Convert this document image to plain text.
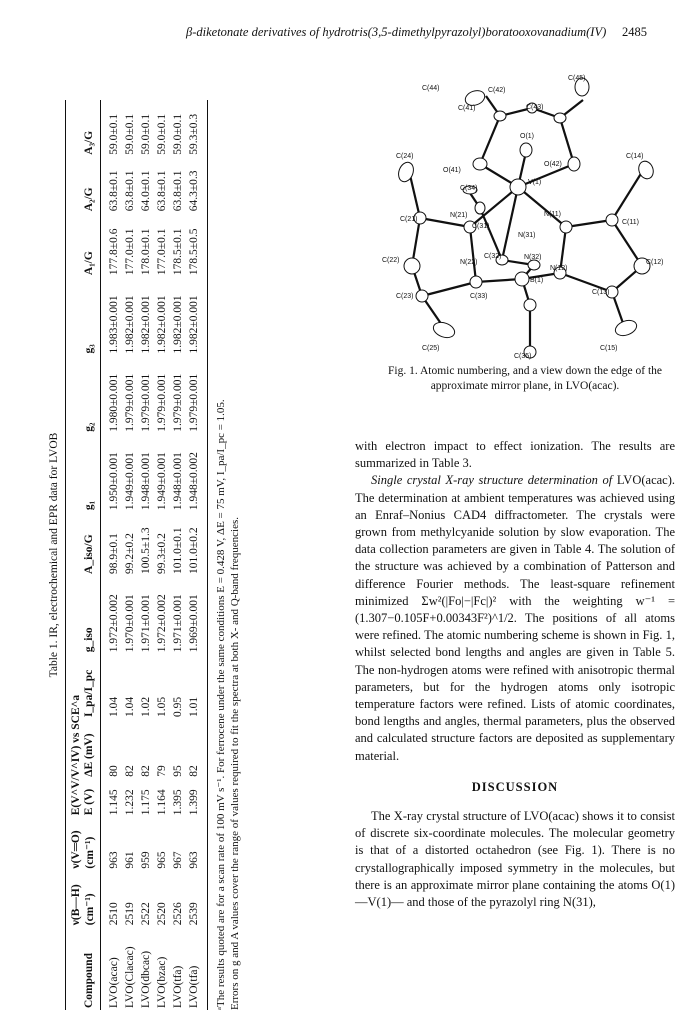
β-diketonate derivatives of hydrotris(3,5-dimethylpyrazolyl)boratooxovanadium(IV) 2485
Table 1. IR, electrochemical and EPR data for LVOB
	ν(B—H)	ν(V═O)	E(V^V/V^IV) vs SCE^a										
Compound	(cm⁻¹)	(cm⁻¹)	E (V)	ΔE (mV)	I_pa/I_pc	g_iso	A_iso/G	g₁	g₂	g₃	A₁/G	A₂/G	A₃/G
LVO(acac)	2510	963	1.145	80	1.04	1.972±0.002	98.9±0.1	1.950±0.001	1.980±0.001	1.983±0.001	177.8±0.6	63.8±0.1	59.0±0.1
LVO(Clacac)	2519	961	1.232	82	1.04	1.970±0.001	99.2±0.2	1.949±0.001	1.979±0.001	1.982±0.001	177.0±0.1	63.8±0.1	59.0±0.1
LVO(dbcac)	2522	959	1.175	82	1.02	1.971±0.001	100.5±1.3	1.948±0.001	1.979±0.001	1.982±0.001	178.0±0.1	64.0±0.1	59.0±0.1
LVO(bzac)	2520	965	1.164	79	1.05	1.972±0.002	99.3±0.2	1.949±0.001	1.979±0.001	1.982±0.001	177.0±0.1	63.8±0.1	59.0±0.1
LVO(tfa)	2526	967	1.395	95	0.95	1.971±0.001	101.0±0.1	1.948±0.001	1.979±0.001	1.982±0.001	178.5±0.1	63.8±0.1	59.0±0.1
LVO(tfa)	2539	963	1.399	82	1.01	1.969±0.001	101.0±0.2	1.948±0.002	1.979±0.001	1.982±0.001	178.5±0.5	64.3±0.3	59.3±0.3
ᵃThe results quoted are for a scan rate of 100 mV s⁻¹. For ferrocene under the same conditions E = 0.428 V, ΔE = 75 mV, I_pa/I_pc = 1.05. Errors on g and A values cover the range of values required to fit the spectra at both X- and Q-band frequencies.
C(45)
C(44)	C(42)
C(41)	C(43)
O(1)
O(41)
O(42)
C(24)	C(14)
V(1)
C(34)
N(21)	N(11)
C(21)
C(31)
N(31)
C(11)
C(22)	N(22)
C(32)	N(32)
N(12)
C(12)
B(1)
C(23)	C(33)
C(13)
C(25)	C(15)
C(35)
Fig. 1. Atomic numbering, and a view down the edge of the approximate mirror plane, in LVO(acac).

with electron impact to effect ionization. The results are summarized in Table 3.

Single crystal X-ray structure determination of LVO(acac). The determination at ambient temperatures was achieved using an Enraf–Nonius CAD4 diffractometer. The crystals were grown from methylcyanide solution by slow evaporation. The data collection parameters are given in Table 4. The solution of the structure was achieved by a combination of Patterson and difference Fourier methods. The least-square refinement minimized Σw²(|Fo|−|Fc|)² with the weighting w⁻¹ = (1.307−0.105F+0.00343F²)^1/2. The positions of all atoms were refined. The atomic numbering scheme is shown in Fig. 1, whilst selected bond lengths and angles are given in Table 5. The non-hydrogen atoms were refined with anisotropic thermal parameters, but for the hydrogen atoms only isotropic temperature factors were refined. Lists of atomic coordinates, bond lengths and angles, thermal parameters, plus the observed and calculated structure factors are deposited as supplementary material.

DISCUSSION

The X-ray crystal structure of LVO(acac) shows it to consist of discrete six-coordinate molecules. The molecular geometry is that of a distorted octahedron (see Fig. 1). There is no crystallographically imposed symmetry in the molecules, but there is an approximate mirror plane containing the atoms O(1)—V(1)— and those of the pyrazolyl ring N(31),
